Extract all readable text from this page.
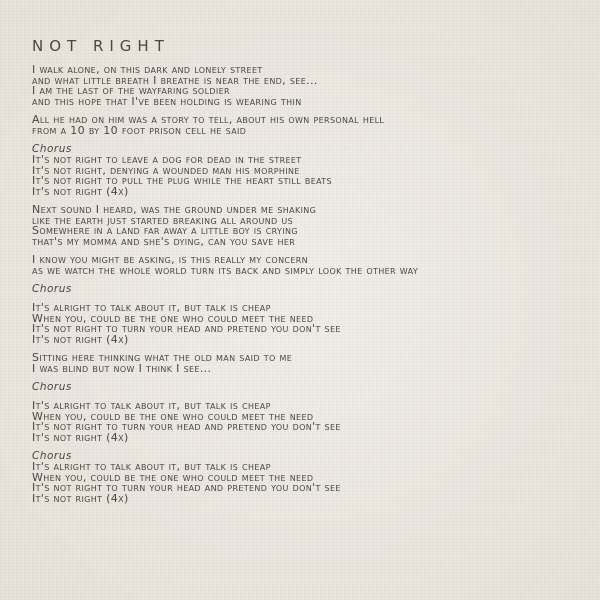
NOT RIGHT
I walk alone, on this dark and lonely street
and what little breath I breathe is near the end, see...
I am the last of the wayfaring soldier
and this hope that I've been holding is wearing thin
All he had on him was a story to tell, about his own personal hell
from a 10 by 10 foot prison cell he said
Chorus
It's not right to leave a dog for dead in the street
It's not right, denying a wounded man his morphine
It's not right to pull the plug while the heart still beats
It's not right (4x)
Next sound I heard, was the ground under me shaking
like the earth just started breaking all around us
Somewhere in a land far away a little boy is crying
that's my momma and she's dying, can you save her
I know you might be asking, is this really my concern
as we watch the whole world turn its back and simply look the other way
Chorus
It's alright to talk about it, but talk is cheap
When you, could be the one who could meet the need
It's not right to turn your head and pretend you don't see
It's not right (4x)
Sitting here thinking what the old man said to me
I was blind but now I think I see...
Chorus
It's alright to talk about it, but talk is cheap
When you, could be the one who could meet the need
It's not right to turn your head and pretend you don't see
It's not right (4x)
Chorus
It's alright to talk about it, but talk is cheap
When you, could be the one who could meet the need
It's not right to turn your head and pretend you don't see
It's not right (4x)
